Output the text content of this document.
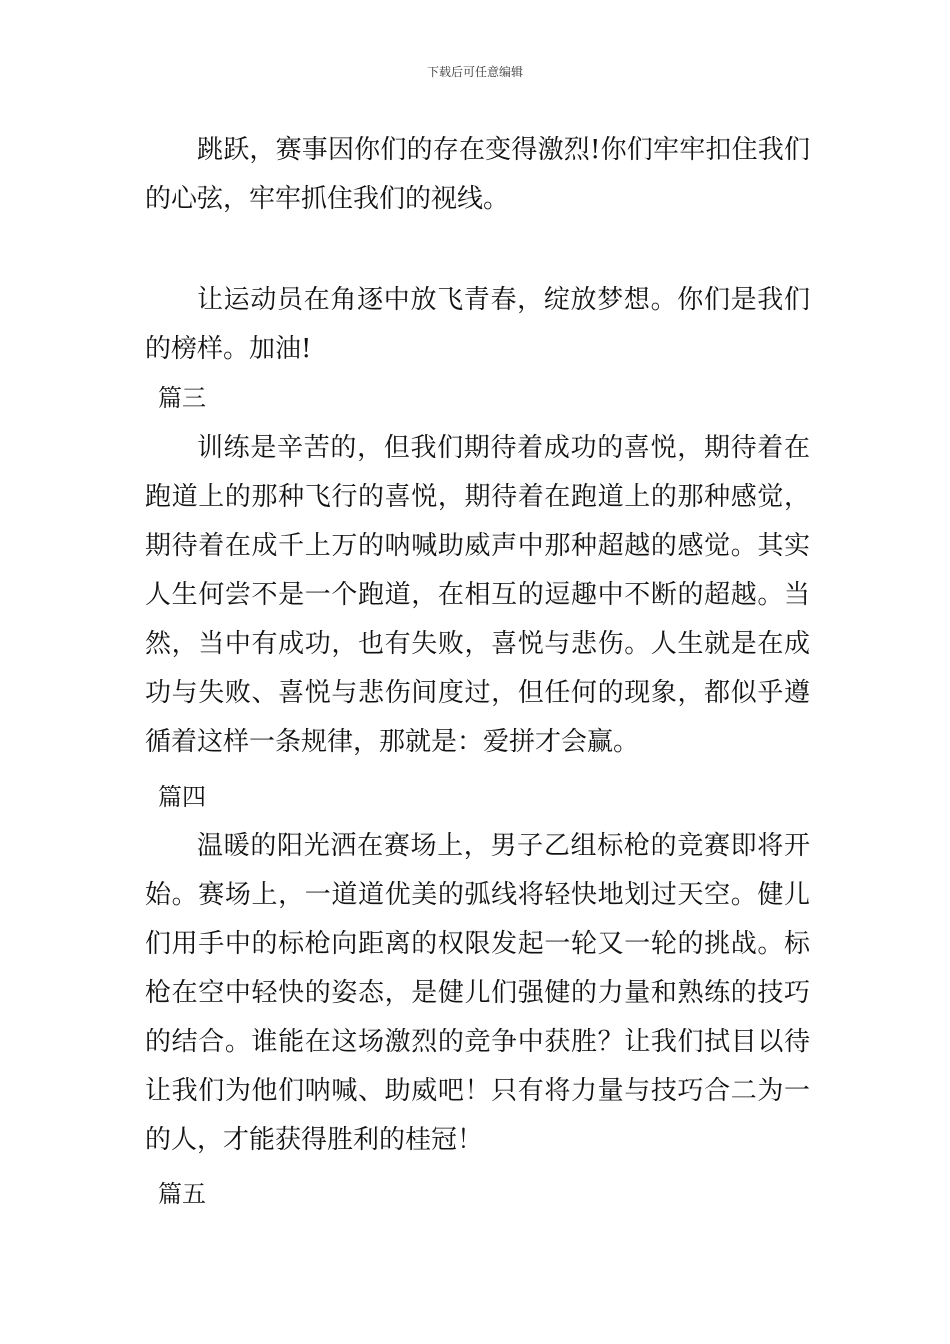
下载后可任意编辑

跳跃，赛事因你们的存在变得激烈!你们牢牢扣住我们的心弦，牢牢抓住我们的视线。

让运动员在角逐中放飞青春，绽放梦想。你们是我们的榜样。加油!

篇三

训练是辛苦的，但我们期待着成功的喜悦，期待着在跑道上的那种飞行的喜悦，期待着在跑道上的那种感觉，期待着在成千上万的呐喊助威声中那种超越的感觉。其实人生何尝不是一个跑道，在相互的逗趣中不断的超越。当然，当中有成功，也有失败，喜悦与悲伤。人生就是在成功与失败、喜悦与悲伤间度过，但任何的现象，都似乎遵循着这样一条规律，那就是：爱拼才会赢。

篇四

温暖的阳光洒在赛场上，男子乙组标枪的竞赛即将开始。赛场上，一道道优美的弧线将轻快地划过天空。健儿们用手中的标枪向距离的权限发起一轮又一轮的挑战。标枪在空中轻快的姿态，是健儿们强健的力量和熟练的技巧的结合。谁能在这场激烈的竞争中获胜？让我们拭目以待让我们为他们呐喊、助威吧！只有将力量与技巧合二为一的人，才能获得胜利的桂冠！

篇五
